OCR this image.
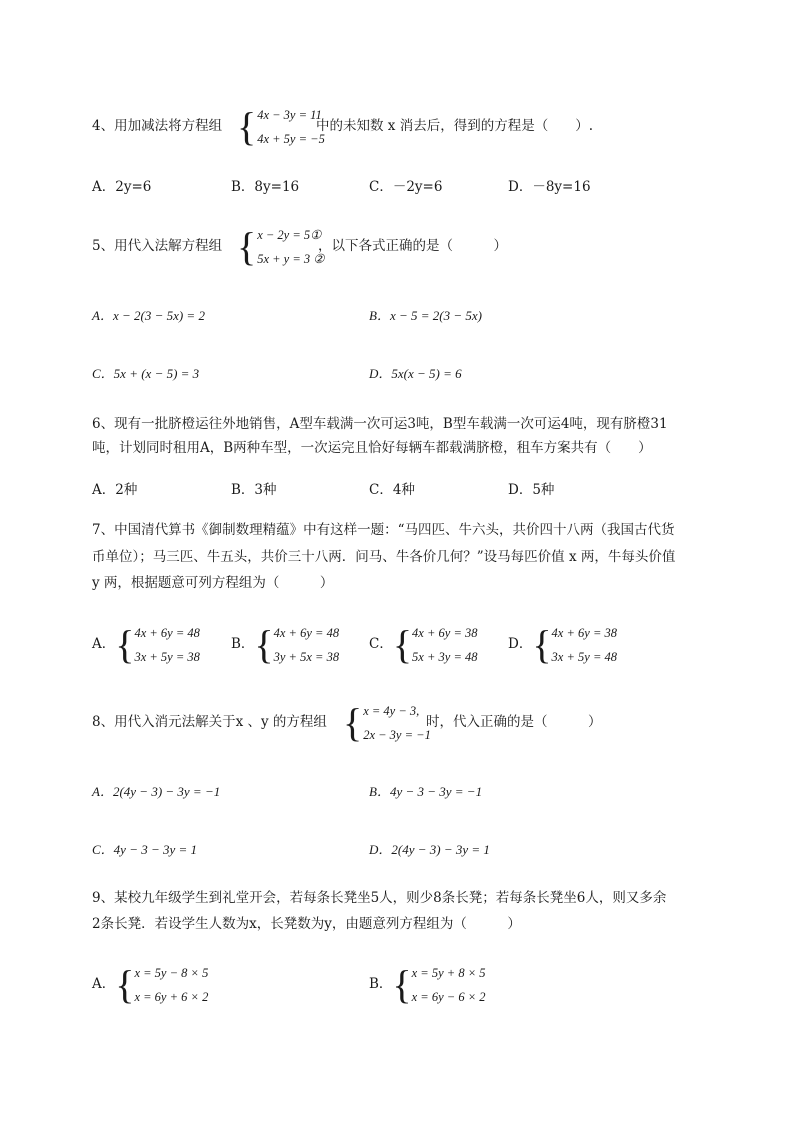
4、用加减法将方程组 { 4x − 3y = 11
4x + 5y = −5
中的未知数 x 消去后，得到的方程是（　　）.
A．2y=6	B．8y=16	C．－2y=6	D．－8y=16
5、用代入法解方程组 { x − 2y = 5①
5x + y = 3 ②
，以下各式正确的是（　　　）
A．x − 2(3 − 5x) = 2	B．x − 5 = 2(3 − 5x)
C．5x + (x − 5) = 3	D．5x(x − 5) = 6
6、现有一批脐橙运往外地销售，A型车载满一次可运3吨，B型车载满一次可运4吨，现有脐橙31
吨，计划同时租用A，B两种车型，一次运完且恰好每辆车都载满脐橙，租车方案共有（　　）
A．2种	B．3种	C．4种	D．5种
7、中国清代算书《御制数理精蕴》中有这样一题：“马四匹、牛六头，共价四十八两（我国古代货
币单位）；马三匹、牛五头，共价三十八两．问马、牛各价几何？”设马每匹价值 x 两，牛每头价值
y 两，根据题意可列方程组为（　　　）
A． { 4x + 6y = 48
3x + 5y = 38
B． { 4x + 6y = 48
3y + 5x = 38
C． { 4x + 6y = 38
5x + 3y = 48
D． { 4x + 6y = 38
3x + 5y = 48
8、用代入消元法解关于x 、y 的方程组 { x = 4y − 3,
2x − 3y = −1
时，代入正确的是（　　　）
A．2(4y − 3) − 3y = −1	B．4y − 3 − 3y = −1
C．4y − 3 − 3y = 1	D．2(4y − 3) − 3y = 1
9、某校九年级学生到礼堂开会，若每条长凳坐5人，则少8条长凳；若每条长凳坐6人，则又多余
2条长凳．若设学生人数为x，长凳数为y，由题意列方程组为（　　　）
A． { x = 5y − 8 × 5
x = 6y + 6 × 2
B． { x = 5y + 8 × 5
x = 6y − 6 × 2
